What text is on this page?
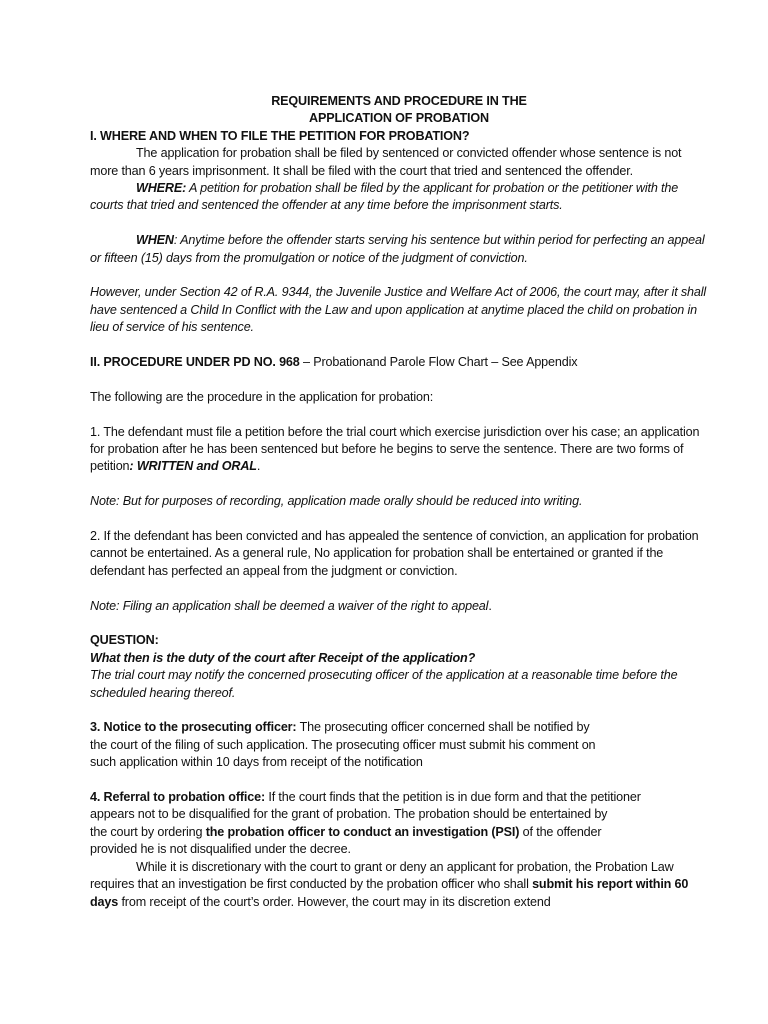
REQUIREMENTS AND PROCEDURE IN THE

APPLICATION OF PROBATION

I. WHERE AND WHEN TO FILE THE PETITION FOR PROBATION?

The application for probation shall be filed by sentenced or convicted offender whose sentence is not more than 6 years imprisonment. It shall be filed with the court that tried and sentenced the offender.

WHERE: A petition for probation shall be filed by the applicant for probation or the petitioner with the courts that tried and sentenced the offender at any time before the imprisonment starts.

WHEN: Anytime before the offender starts serving his sentence but within period for perfecting an appeal or fifteen (15) days from the promulgation or notice of the judgment of conviction.

However, under Section 42 of R.A. 9344, the Juvenile Justice and Welfare Act of 2006, the court may, after it shall have sentenced a Child In Conflict with the Law and upon application at anytime placed the child on probation in lieu of service of his sentence.

II. PROCEDURE UNDER PD NO. 968 – Probationand Parole Flow Chart – See Appendix

The following are the procedure in the application for probation:

1. The defendant must file a petition before the trial court which exercise jurisdiction over his case; an application for probation after he has been sentenced but before he begins to serve the sentence. There are two forms of petition: WRITTEN and ORAL.

Note: But for purposes of recording, application made orally should be reduced into writing.

2. If the defendant has been convicted and has appealed the sentence of conviction, an application for probation cannot be entertained. As a general rule, No application for probation shall be entertained or granted if the defendant has perfected an appeal from the judgment or conviction.

Note: Filing an application shall be deemed a waiver of the right to appeal.

QUESTION:

What then is the duty of the court after Receipt of the application?

The trial court may notify the concerned prosecuting officer of the application at a reasonable time before the scheduled hearing thereof.

3. Notice to the prosecuting officer: The prosecuting officer concerned shall be notified by

the court of the filing of such application. The prosecuting officer must submit his comment on

such application within 10 days from receipt of the notification

4. Referral to probation office: If the court finds that the petition is in due form and that the petitioner

appears not to be disqualified for the grant of probation. The probation should be entertained by

the court by ordering the probation officer to conduct an investigation (PSI) of the offender

provided he is not disqualified under the decree.

While it is discretionary with the court to grant or deny an applicant for probation, the Probation Law requires that an investigation be first conducted by the probation officer who shall submit his report within 60 days from receipt of the court’s order. However, the court may in its discretion extend
